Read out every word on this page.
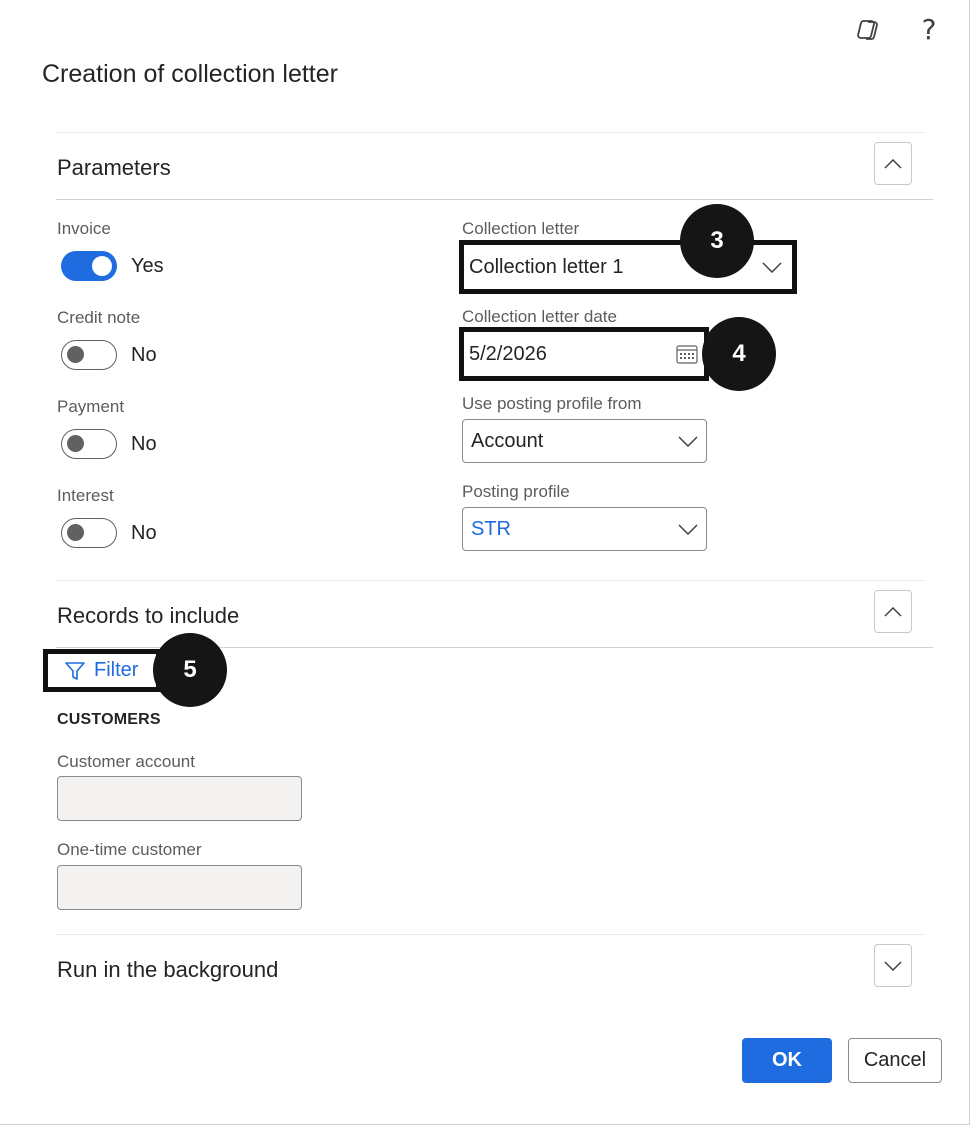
?
Creation of collection letter
Parameters
Invoice
Yes
Credit note
No
Payment
No
Interest
No
Collection letter
Collection letter 1
3
Collection letter date
5/2/2026	4
Use posting profile from
Account
Posting profile
STR
Records to include
Filter	5
CUSTOMERS
Customer account
One-time customer
Run in the background
OK	Cancel
